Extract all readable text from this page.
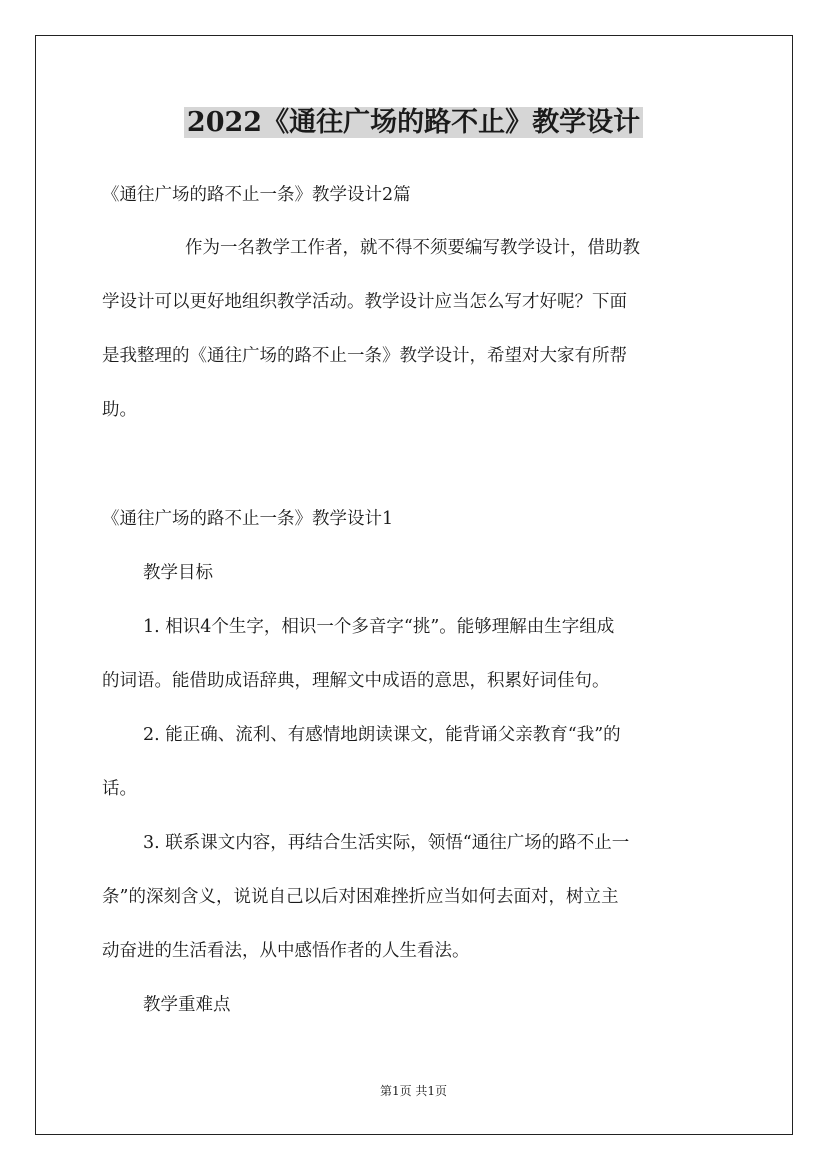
2022《通往广场的路不止》教学设计
《通往广场的路不止一条》教学设计2篇
作为一名教学工作者，就不得不须要编写教学设计，借助教
学设计可以更好地组织教学活动。教学设计应当怎么写才好呢？下面
是我整理的《通往广场的路不止一条》教学设计，希望对大家有所帮
助。
《通往广场的路不止一条》教学设计1
教学目标
1. 相识4个生字，相识一个多音字“挑”。能够理解由生字组成
的词语。能借助成语辞典，理解文中成语的意思，积累好词佳句。
2. 能正确、流利、有感情地朗读课文，能背诵父亲教育“我”的
话。
3. 联系课文内容，再结合生活实际，领悟“通往广场的路不止一
条”的深刻含义，说说自己以后对困难挫折应当如何去面对，树立主
动奋进的生活看法，从中感悟作者的人生看法。
教学重难点
第1页 共1页
